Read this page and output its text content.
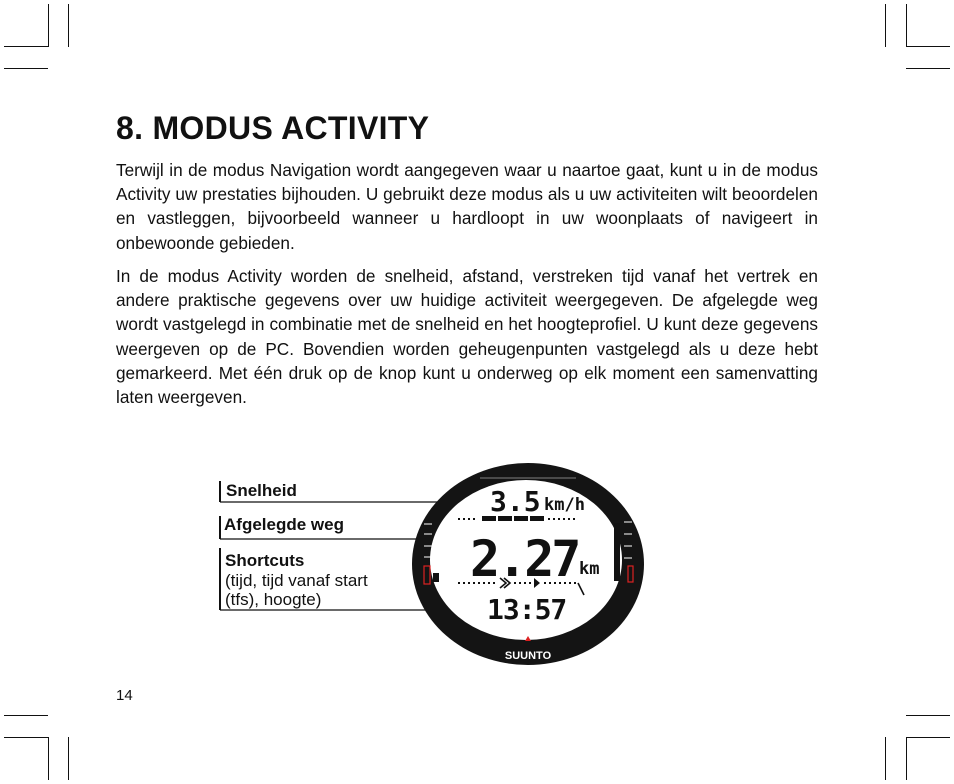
8. MODUS ACTIVITY
Terwijl in de modus Navigation wordt aangegeven waar u naartoe gaat, kunt u in de modus Activity uw prestaties bijhouden. U gebruikt deze modus als u uw activiteiten wilt beoordelen en vastleggen, bijvoorbeeld wanneer u hardloopt in uw woonplaats of navigeert in onbewoonde gebieden.
In de modus Activity worden de snelheid, afstand, verstreken tijd vanaf het vertrek en andere praktische gegevens over uw huidige activiteit weergegeven. De afgelegde weg wordt vastgelegd in combinatie met de snelheid en het hoogteprofiel. U kunt deze gegevens weergeven op de PC. Bovendien worden geheugenpunten vastgelegd als u deze hebt gemarkeerd. Met één druk op de knop kunt u onderweg op elk moment een samenvatting laten weergeven.
3.5 km/h
2.27 km
13:57
SUUNTO
Snelheid
Afgelegde weg
Shortcuts
(tijd, tijd vanaf start
(tfs), hoogte)
14
